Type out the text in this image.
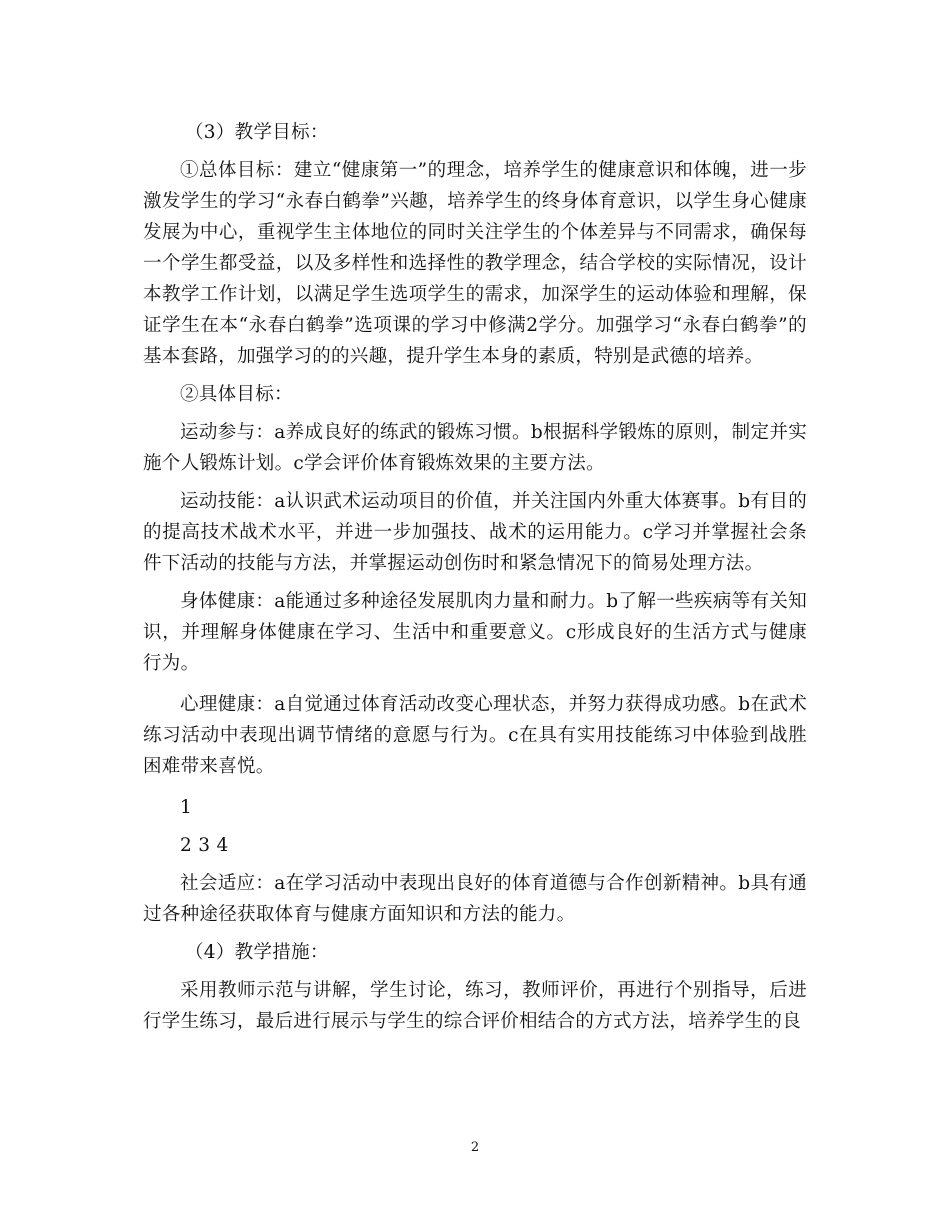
（3）教学目标：

①总体目标：建立“健康第一”的理念，培养学生的健康意识和体魄，进一步激发学生的学习“永春白鹤拳”兴趣，培养学生的终身体育意识，以学生身心健康发展为中心，重视学生主体地位的同时关注学生的个体差异与不同需求，确保每一个学生都受益，以及多样性和选择性的教学理念，结合学校的实际情况，设计本教学工作计划，以满足学生选项学生的需求，加深学生的运动体验和理解，保证学生在本“永春白鹤拳”选项课的学习中修满2学分。加强学习“永春白鹤拳”的基本套路，加强学习的的兴趣，提升学生本身的素质，特别是武德的培养。

②具体目标：

运动参与：a养成良好的练武的锻炼习惯。b根据科学锻炼的原则，制定并实施个人锻炼计划。c学会评价体育锻炼效果的主要方法。

运动技能：a认识武术运动项目的价值，并关注国内外重大体赛事。b有目的的提高技术战术水平，并进一步加强技、战术的运用能力。c学习并掌握社会条件下活动的技能与方法，并掌握运动创伤时和紧急情况下的简易处理方法。

身体健康：a能通过多种途径发展肌肉力量和耐力。b了解一些疾病等有关知识，并理解身体健康在学习、生活中和重要意义。c形成良好的生活方式与健康行为。

心理健康：a自觉通过体育活动改变心理状态，并努力获得成功感。b在武术练习活动中表现出调节情绪的意愿与行为。c在具有实用技能练习中体验到战胜困难带来喜悦。

1

2 3 4

社会适应：a在学习活动中表现出良好的体育道德与合作创新精神。b具有通过各种途径获取体育与健康方面知识和方法的能力。

（4）教学措施：

采用教师示范与讲解，学生讨论，练习，教师评价，再进行个别指导，后进行学生练习，最后进行展示与学生的综合评价相结合的方式方法，培养学生的良

2
